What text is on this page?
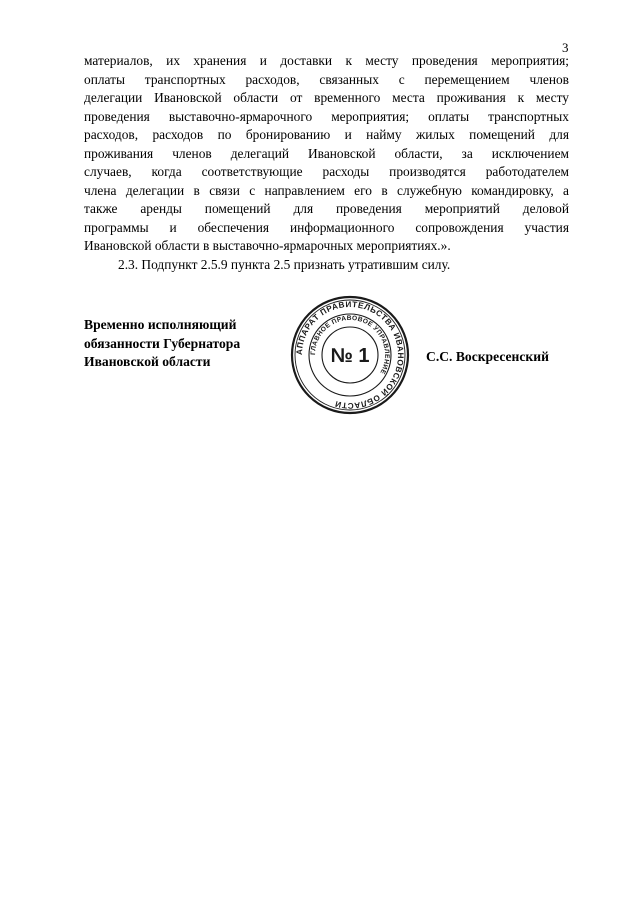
3

материалов, их хранения и доставки к месту проведения мероприятия;
оплаты транспортных расходов, связанных с перемещением членов
делегации Ивановской области от временного места проживания к месту
проведения выставочно-ярмарочного мероприятия; оплаты транспортных
расходов, расходов по бронированию и найму жилых помещений для
проживания членов делегаций Ивановской области, за исключением
случаев, когда соответствующие расходы производятся работодателем
члена делегации в связи с направлением его в служебную командировку, а
также аренды помещений для проведения мероприятий деловой
программы и обеспечения информационного сопровождения участия
Ивановской области в выставочно-ярмарочных мероприятиях.».

2.3. Подпункт 2.5.9 пункта 2.5 признать утратившим силу.

Временно исполняющий
обязанности Губернатора
Ивановской области
АППАРАТ ПРАВИТЕЛЬСТВА ИВАНОВСКОЙ ОБЛАСТИ
ГЛАВНОЕ ПРАВОВОЕ УПРАВЛЕНИЕ
№ 1	С.С. Воскресенский
